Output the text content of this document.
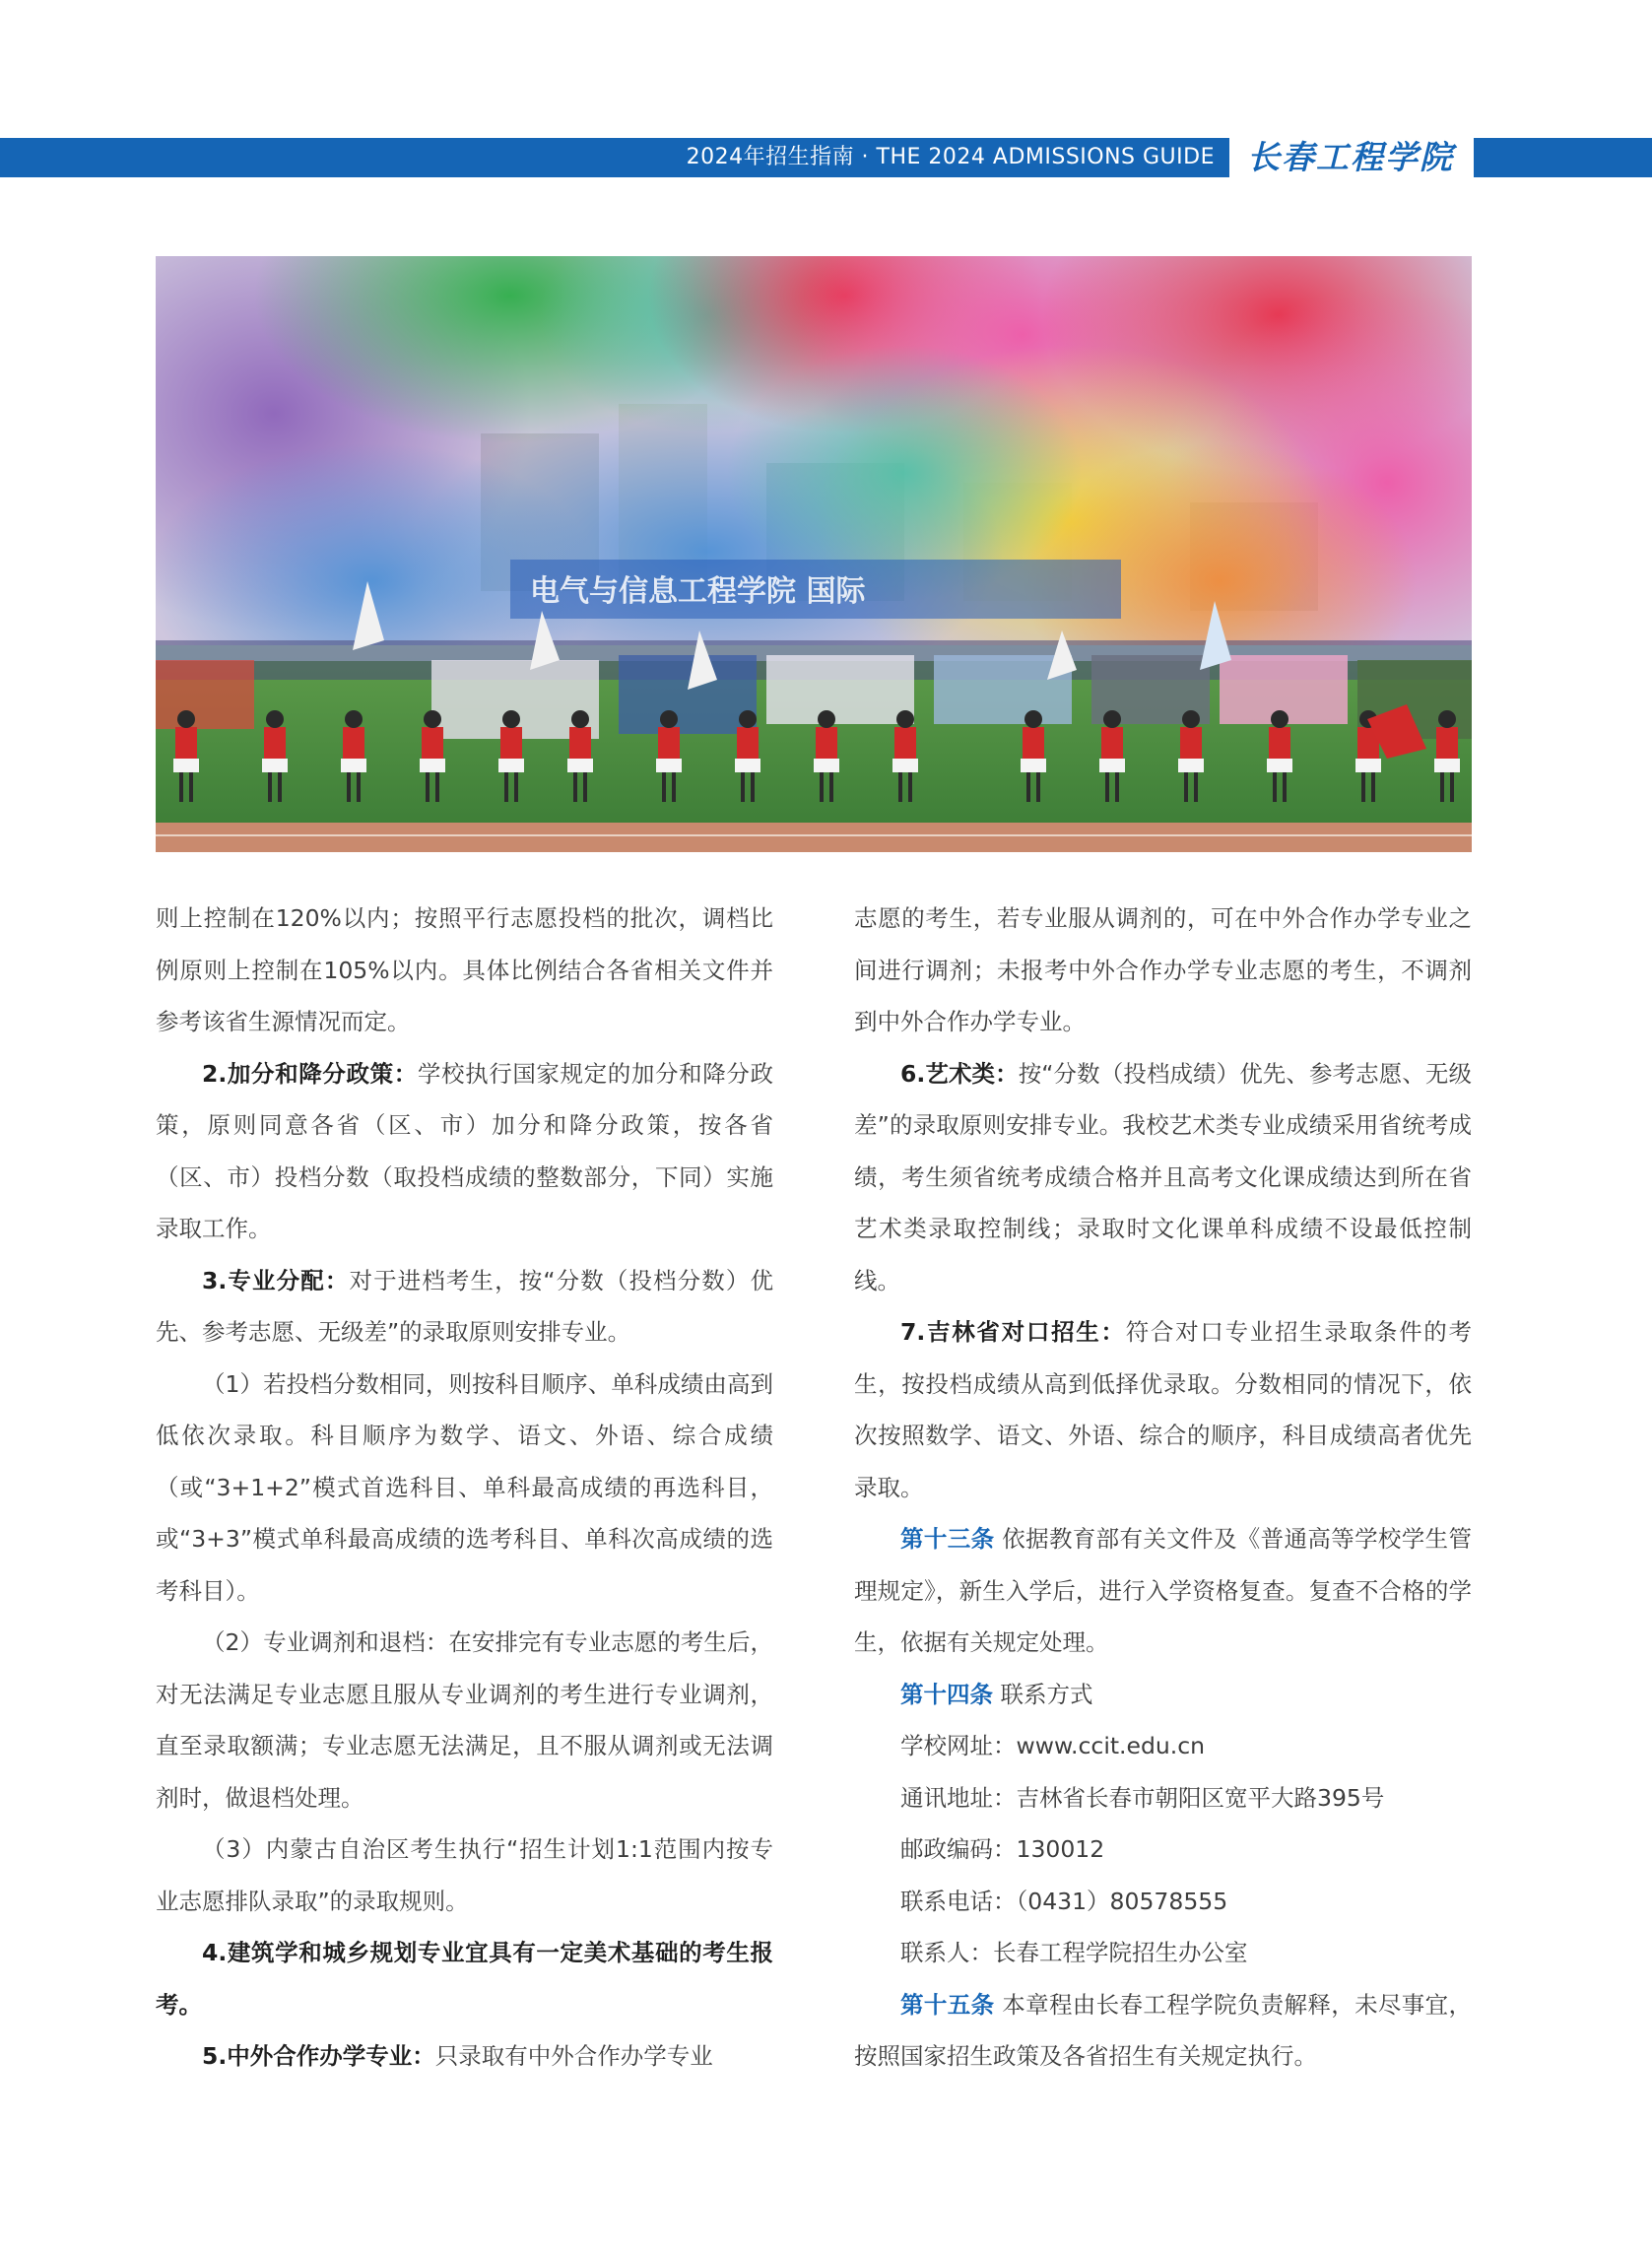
2024年招生指南 · THE 2024 ADMISSIONS GUIDE 长春工程学院
电气与信息工程学院 国际

则上控制在120%以内；按照平行志愿投档的批次，调档比例原则上控制在105%以内。具体比例结合各省相关文件并参考该省生源情况而定。

2.加分和降分政策：学校执行国家规定的加分和降分政策，原则同意各省（区、市）加分和降分政策，按各省（区、市）投档分数（取投档成绩的整数部分，下同）实施录取工作。

3.专业分配：对于进档考生，按“分数（投档分数）优先、参考志愿、无级差”的录取原则安排专业。

（1）若投档分数相同，则按科目顺序、单科成绩由高到低依次录取。科目顺序为数学、语文、外语、综合成绩（或“3+1+2”模式首选科目、单科最高成绩的再选科目，或“3+3”模式单科最高成绩的选考科目、单科次高成绩的选考科目）。

（2）专业调剂和退档：在安排完有专业志愿的考生后，对无法满足专业志愿且服从专业调剂的考生进行专业调剂，直至录取额满；专业志愿无法满足，且不服从调剂或无法调剂时，做退档处理。

（3）内蒙古自治区考生执行“招生计划1:1范围内按专业志愿排队录取”的录取规则。

4.建筑学和城乡规划专业宜具有一定美术基础的考生报考。

5.中外合作办学专业：只录取有中外合作办学专业

志愿的考生，若专业服从调剂的，可在中外合作办学专业之间进行调剂；未报考中外合作办学专业志愿的考生，不调剂到中外合作办学专业。

6.艺术类：按“分数（投档成绩）优先、参考志愿、无级差”的录取原则安排专业。我校艺术类专业成绩采用省统考成绩，考生须省统考成绩合格并且高考文化课成绩达到所在省艺术类录取控制线；录取时文化课单科成绩不设最低控制线。

7.吉林省对口招生：符合对口专业招生录取条件的考生，按投档成绩从高到低择优录取。分数相同的情况下，依次按照数学、语文、外语、综合的顺序，科目成绩高者优先录取。

第十三条 依据教育部有关文件及《普通高等学校学生管理规定》，新生入学后，进行入学资格复查。复查不合格的学生，依据有关规定处理。

第十四条 联系方式

学校网址：www.ccit.edu.cn

通讯地址：吉林省长春市朝阳区宽平大路395号

邮政编码：130012

联系电话：（0431）80578555

联系人：长春工程学院招生办公室

第十五条 本章程由长春工程学院负责解释，未尽事宜，按照国家招生政策及各省招生有关规定执行。
